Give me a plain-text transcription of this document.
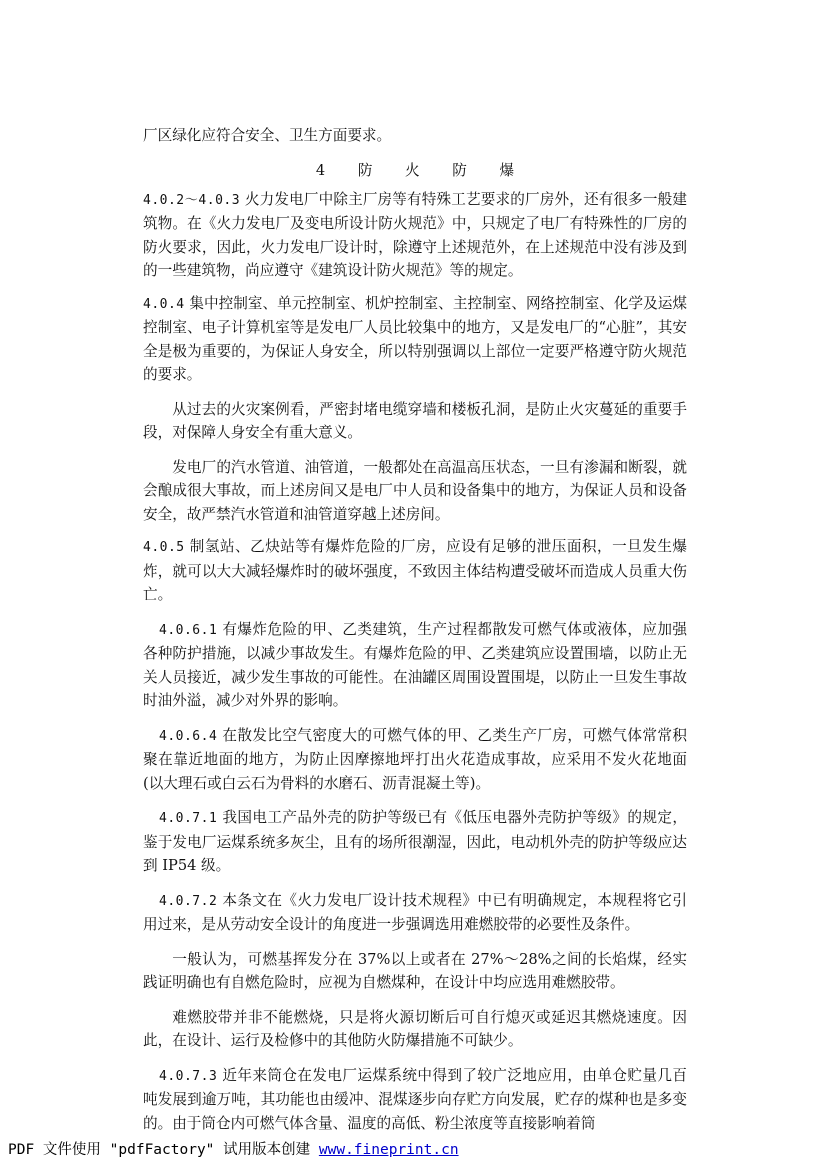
厂区绿化应符合安全、卫生方面要求。

4 防 火 防 爆

4.0.2～4.0.3 火力发电厂中除主厂房等有特殊工艺要求的厂房外，还有很多一般建筑物。在《火力发电厂及变电所设计防火规范》中，只规定了电厂有特殊性的厂房的防火要求，因此，火力发电厂设计时，除遵守上述规范外，在上述规范中没有涉及到的一些建筑物，尚应遵守《建筑设计防火规范》等的规定。

4.0.4 集中控制室、单元控制室、机炉控制室、主控制室、网络控制室、化学及运煤控制室、电子计算机室等是发电厂人员比较集中的地方，又是发电厂的“心脏”，其安全是极为重要的，为保证人身安全，所以特别强调以上部位一定要严格遵守防火规范的要求。

从过去的火灾案例看，严密封堵电缆穿墙和楼板孔洞，是防止火灾蔓延的重要手段，对保障人身安全有重大意义。

发电厂的汽水管道、油管道，一般都处在高温高压状态，一旦有渗漏和断裂，就会酿成很大事故，而上述房间又是电厂中人员和设备集中的地方，为保证人员和设备安全，故严禁汽水管道和油管道穿越上述房间。

4.0.5 制氢站、乙炔站等有爆炸危险的厂房，应设有足够的泄压面积，一旦发生爆炸，就可以大大减轻爆炸时的破坏强度，不致因主体结构遭受破坏而造成人员重大伤亡。

4.0.6.1 有爆炸危险的甲、乙类建筑，生产过程都散发可燃气体或液体，应加强各种防护措施，以减少事故发生。有爆炸危险的甲、乙类建筑应设置围墙，以防止无关人员接近，减少发生事故的可能性。在油罐区周围设置围堤，以防止一旦发生事故时油外溢，减少对外界的影响。

4.0.6.4 在散发比空气密度大的可燃气体的甲、乙类生产厂房，可燃气体常常积聚在靠近地面的地方，为防止因摩擦地坪打出火花造成事故，应采用不发火花地面(以大理石或白云石为骨料的水磨石、沥青混凝土等)。

4.0.7.1 我国电工产品外壳的防护等级已有《低压电器外壳防护等级》的规定，鉴于发电厂运煤系统多灰尘，且有的场所很潮湿，因此，电动机外壳的防护等级应达到 IP54 级。

4.0.7.2 本条文在《火力发电厂设计技术规程》中已有明确规定，本规程将它引用过来，是从劳动安全设计的角度进一步强调选用难燃胶带的必要性及条件。

一般认为，可燃基挥发分在 37%以上或者在 27%～28%之间的长焰煤，经实践证明确也有自燃危险时，应视为自燃煤种，在设计中均应选用难燃胶带。

难燃胶带并非不能燃烧，只是将火源切断后可自行熄灭或延迟其燃烧速度。因此，在设计、运行及检修中的其他防火防爆措施不可缺少。

4.0.7.3 近年来筒仓在发电厂运煤系统中得到了较广泛地应用，由单仓贮量几百吨发展到逾万吨，其功能也由缓冲、混煤逐步向存贮方向发展，贮存的煤种也是多变的。由于筒仓内可燃气体含量、温度的高低、粉尘浓度等直接影响着筒

PDF 文件使用 "pdfFactory" 试用版本创建 www.fineprint.cn
